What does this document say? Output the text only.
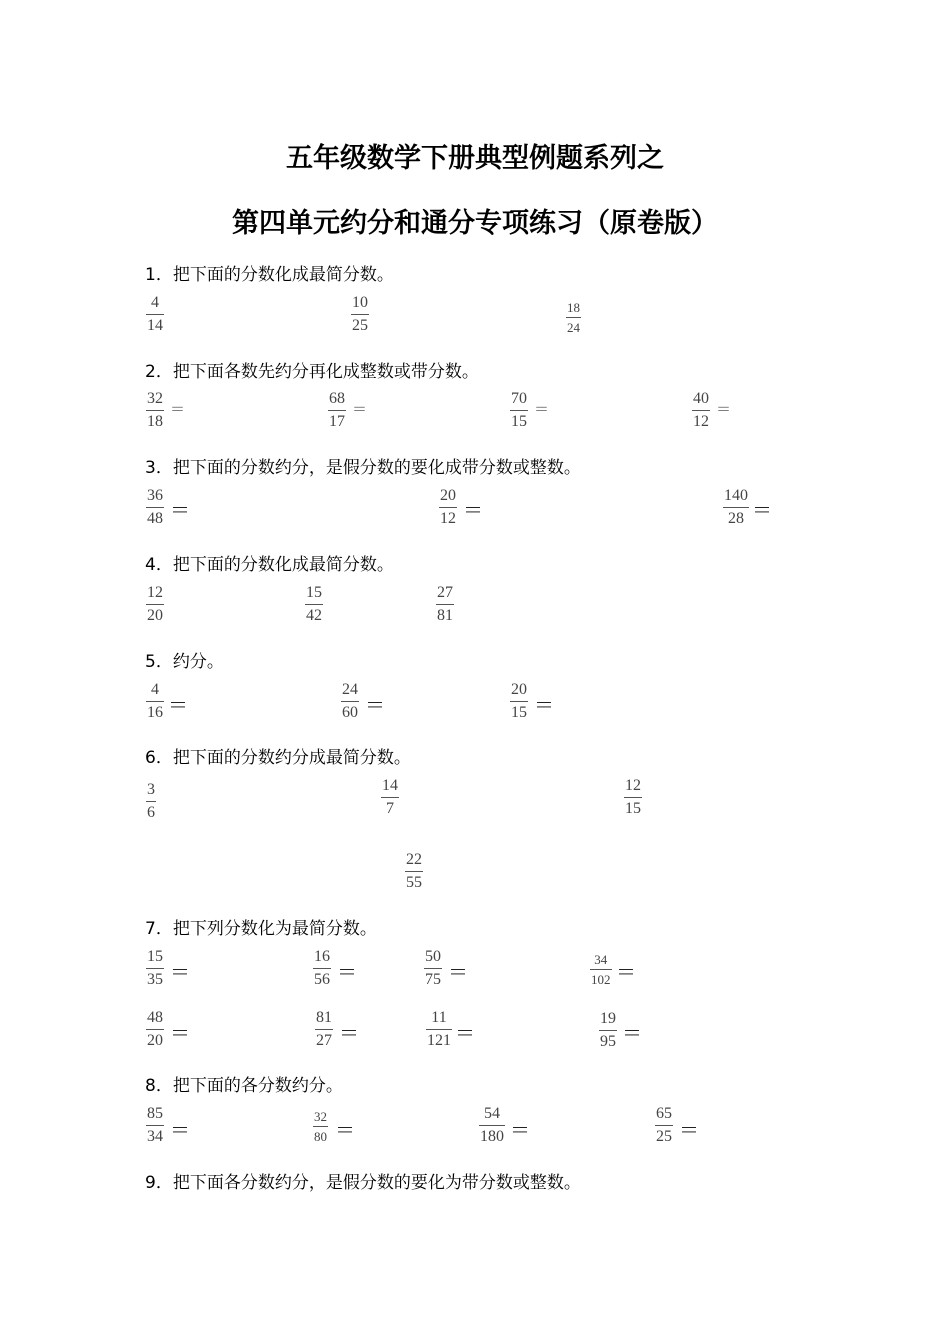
五年级数学下册典型例题系列之
第四单元约分和通分专项练习（原卷版）
1．把下面的分数化成最简分数。
4
14
10
25
18
24
2．把下面各数先约分再化成整数或带分数。
32
18
＝
68
17
＝
70
15
＝
40
12
＝
3．把下面的分数约分，是假分数的要化成带分数或整数。
36
48 ＝
20
12 ＝
140
28 ＝
4．把下面的分数化成最简分数。
12
20
15
42
27
81
5．约分。
4
16 ＝
24
60 ＝
20
15 ＝
6．把下面的分数约分成最简分数。
3
6
14
7
12
15
22
55
7．把下列分数化为最简分数。
15
35 ＝
16
56 ＝
50
75 ＝
34
102 ＝
48
20 ＝
81
27 ＝
11
121 ＝
19
95 ＝
8．把下面的各分数约分。
85
34 ＝
32
80 ＝
54
180 ＝
65
25 ＝
9．把下面各分数约分，是假分数的要化为带分数或整数。
